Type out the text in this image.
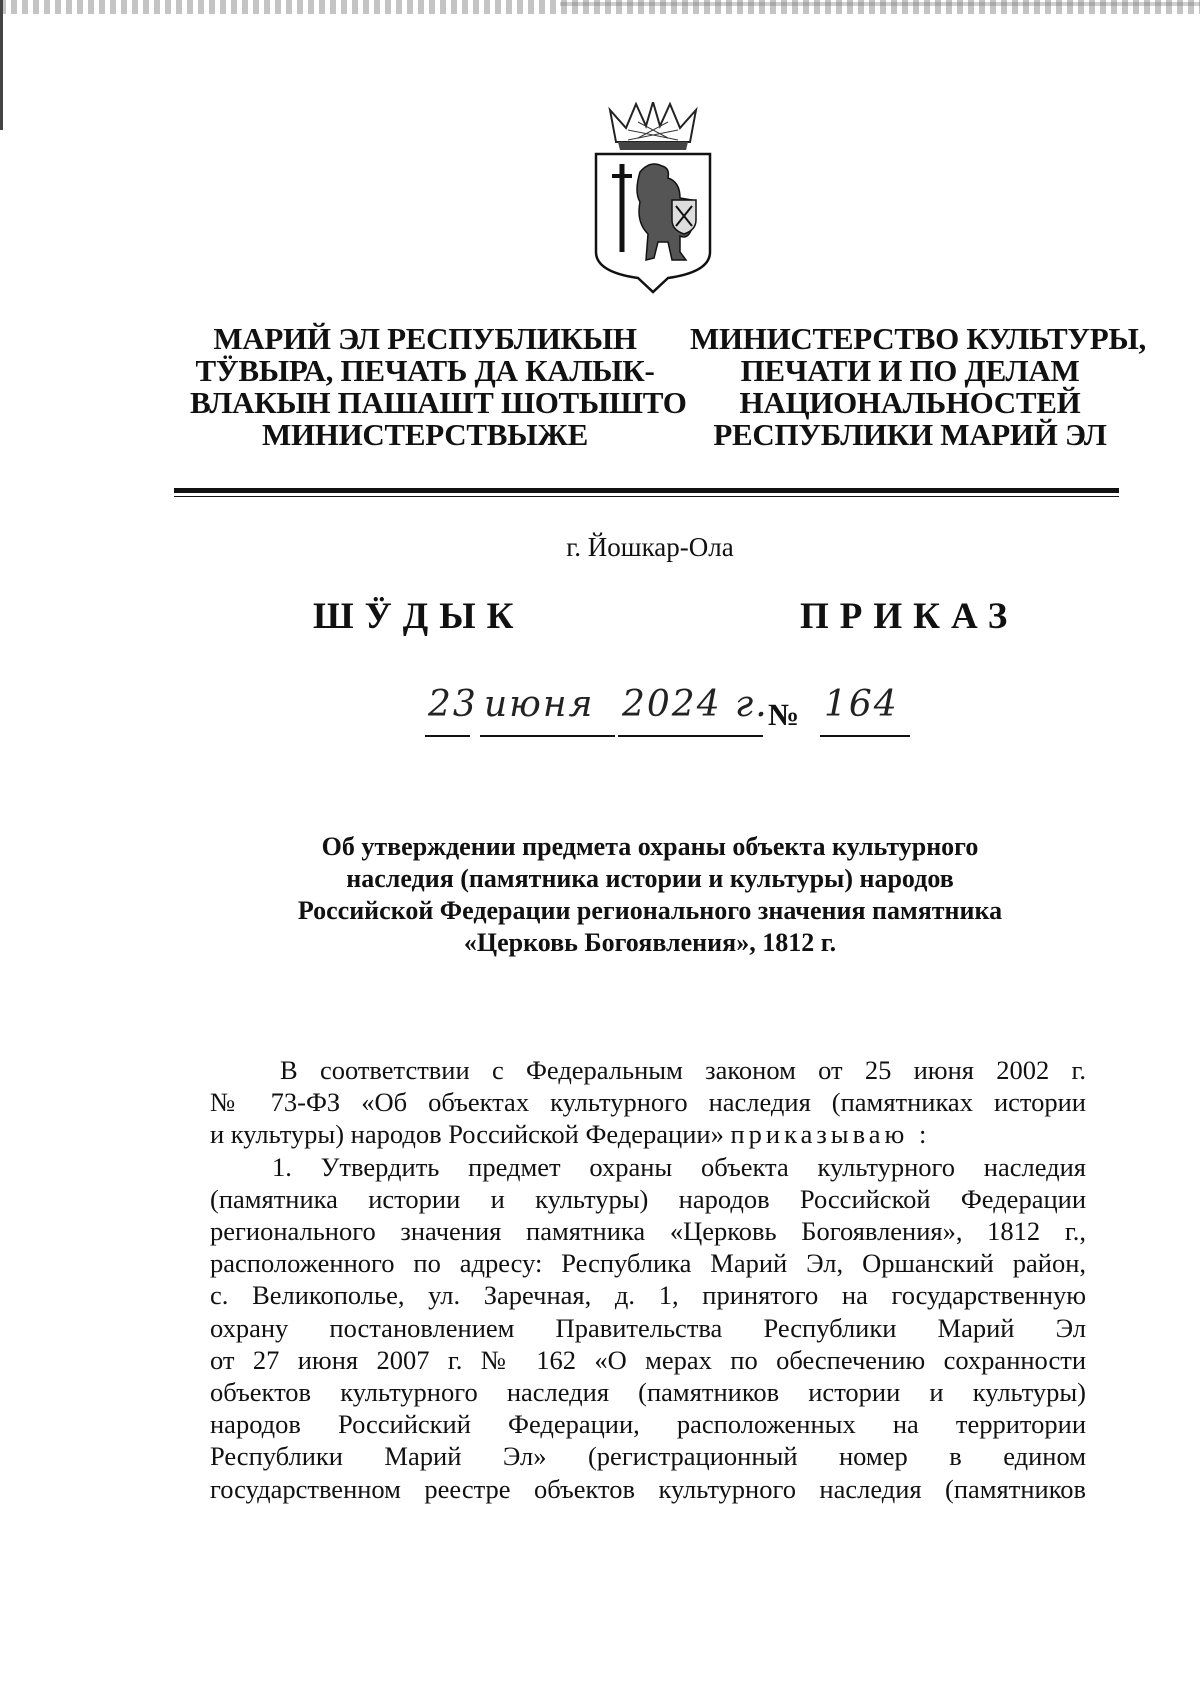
МАРИЙ ЭЛ РЕСПУБЛИКЫН
ТӰВЫРА, ПЕЧАТЬ ДА КАЛЫК-
ВЛАКЫН ПАШАШТ ШОТЫШТО
МИНИСТЕРСТВЫЖЕ
МИНИСТЕРСТВО КУЛЬТУРЫ,
ПЕЧАТИ И ПО ДЕЛАМ
НАЦИОНАЛЬНОСТЕЙ
РЕСПУБЛИКИ МАРИЙ ЭЛ
г. Йошкар-Ола
ШӰДЫК	ПРИКАЗ
23 июня 2024 г. № 164
Об утверждении предмета охраны объекта культурного
наследия (памятника истории и культуры) народов
Российской Федерации регионального значения памятника
«Церковь Богоявления», 1812 г.
В соответствии с Федеральным законом от 25 июня 2002 г.
№ 73-ФЗ «Об объектах культурного наследия (памятниках истории
и культуры) народов Российской Федерации» приказываю :
1. Утвердить предмет охраны объекта культурного наследия
(памятника истории и культуры) народов Российской Федерации
регионального значения памятника «Церковь Богоявления», 1812 г.,
расположенного по адресу: Республика Марий Эл, Оршанский район,
с. Великополье, ул. Заречная, д. 1, принятого на государственную
охрану постановлением Правительства Республики Марий Эл
от 27 июня 2007 г. № 162 «О мерах по обеспечению сохранности
объектов культурного наследия (памятников истории и культуры)
народов Российский Федерации, расположенных на территории
Республики Марий Эл» (регистрационный номер в едином
государственном реестре объектов культурного наследия (памятников
